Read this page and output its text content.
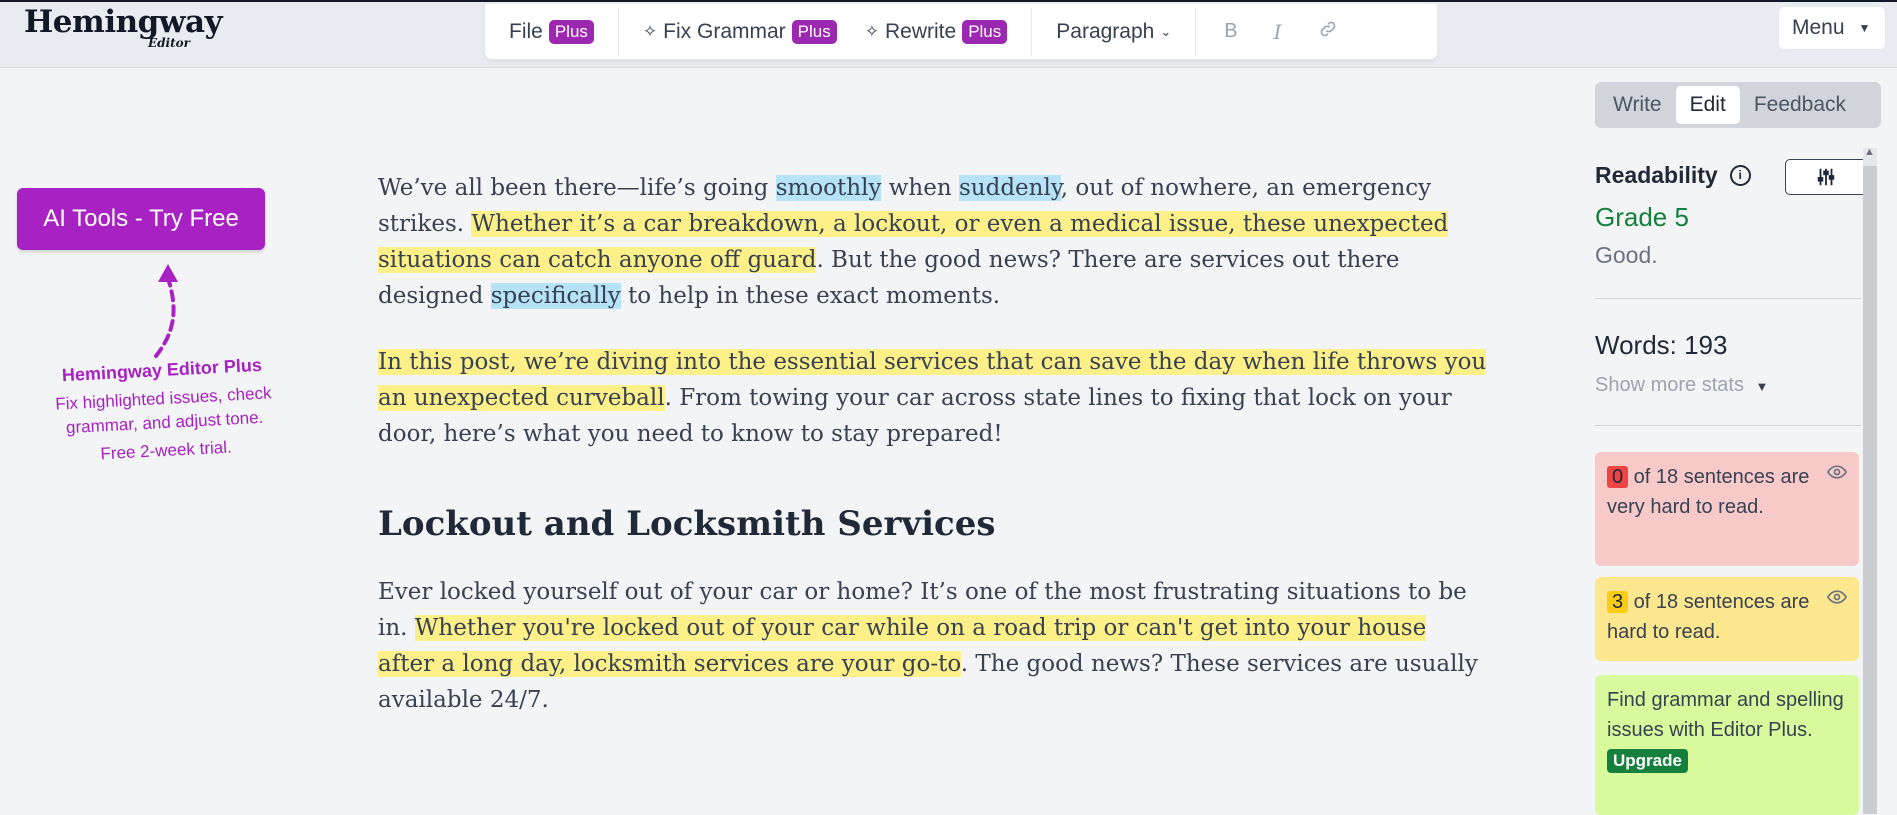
Hemingway
Editor
File Plus	✧ Fix Grammar Plus	✧ Rewrite Plus	Paragraph ⌄	B	I	Menu ▼
AI Tools - Try Free
Hemingway Editor Plus
Fix highlighted issues, check
grammar, and adjust tone.
Free 2-week trial.

We’ve all been there—life’s going smoothly when suddenly, out of nowhere, an emergency strikes. Whether it’s a car breakdown, a lockout, or even a medical issue, these unexpected situations can catch anyone off guard. But the good news? There are services out there designed specifically to help in these exact moments.

In this post, we’re diving into the essential services that can save the day when life throws you an unexpected curveball. From towing your car across state lines to fixing that lock on your door, here’s what you need to know to stay prepared!

Lockout and Locksmith Services

Ever locked yourself out of your car or home? It’s one of the most frustrating situations to be in. Whether you're locked out of your car while on a road trip or can't get into your house after a long day, locksmith services are your go-to. The good news? These services are usually available 24/7.

Write	Edit	Feedback
Readability	i
Grade 5
Good.
Words: 193
Show more stats ▼
0 of 18 sentences are very hard to read.
3 of 18 sentences are hard to read.
Find grammar and spelling issues with Editor Plus.
Upgrade
▲
